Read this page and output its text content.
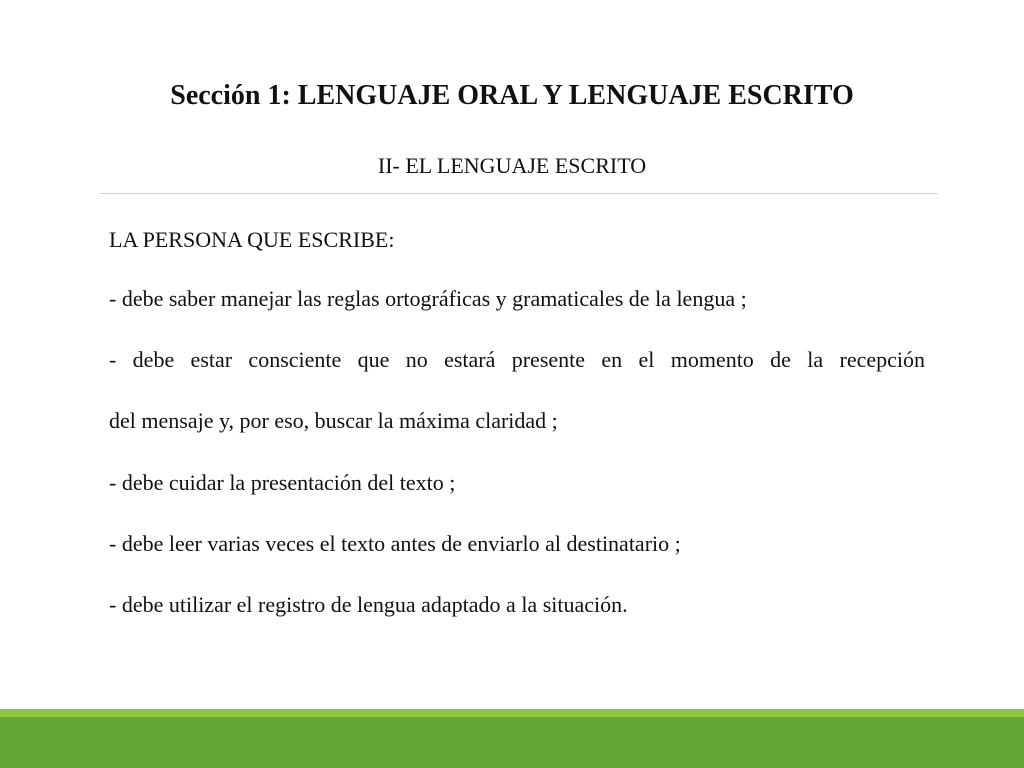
Sección 1: LENGUAJE ORAL Y LENGUAJE ESCRITO
II- EL LENGUAJE ESCRITO
LA PERSONA QUE ESCRIBE:
- debe saber manejar las reglas ortográficas y gramaticales de la lengua ;
- debe estar consciente que no estará presente en el momento de la recepción
del mensaje y, por eso, buscar la máxima claridad ;
- debe cuidar la presentación del texto ;
- debe leer varias veces el texto antes de enviarlo al destinatario ;
- debe utilizar el registro de lengua adaptado a la situación.
